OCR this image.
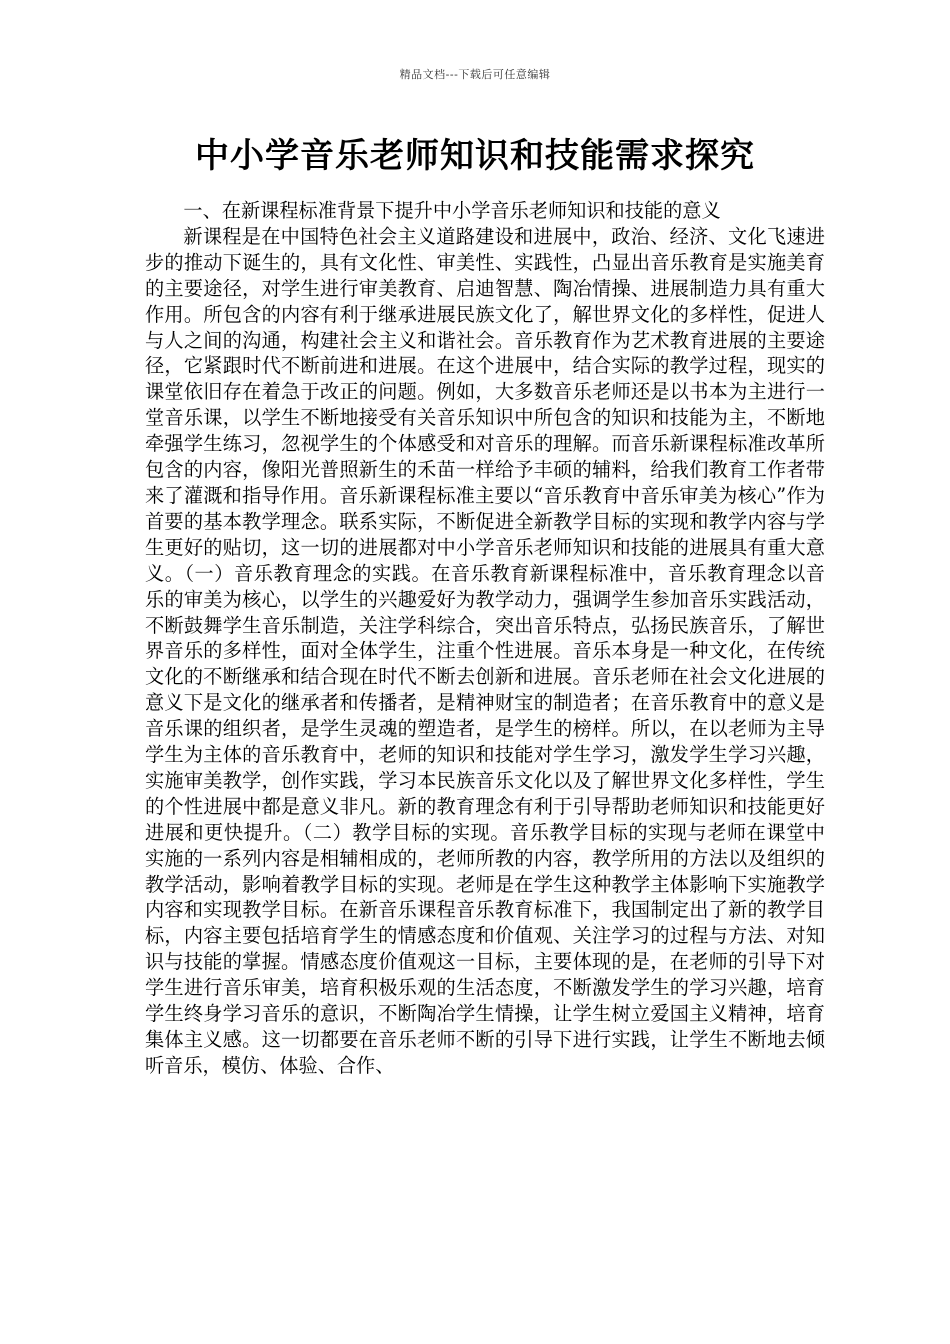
精品文档---下载后可任意编辑
中小学音乐老师知识和技能需求探究

一、在新课程标准背景下提升中小学音乐老师知识和技能的意义

新课程是在中国特色社会主义道路建设和进展中，政治、经济、文化飞速进步的推动下诞生的，具有文化性、审美性、实践性，凸显出音乐教育是实施美育的主要途径，对学生进行审美教育、启迪智慧、陶冶情操、进展制造力具有重大作用。所包含的内容有利于继承进展民族文化了，解世界文化的多样性，促进人与人之间的沟通，构建社会主义和谐社会。音乐教育作为艺术教育进展的主要途径，它紧跟时代不断前进和进展。在这个进展中，结合实际的教学过程，现实的课堂依旧存在着急于改正的问题。例如，大多数音乐老师还是以书本为主进行一堂音乐课，以学生不断地接受有关音乐知识中所包含的知识和技能为主，不断地牵强学生练习，忽视学生的个体感受和对音乐的理解。而音乐新课程标准改革所包含的内容，像阳光普照新生的禾苗一样给予丰硕的辅料，给我们教育工作者带来了灌溉和指导作用。音乐新课程标准主要以“音乐教育中音乐审美为核心”作为首要的基本教学理念。联系实际，不断促进全新教学目标的实现和教学内容与学生更好的贴切，这一切的进展都对中小学音乐老师知识和技能的进展具有重大意义。（一）音乐教育理念的实践。在音乐教育新课程标准中，音乐教育理念以音乐的审美为核心，以学生的兴趣爱好为教学动力，强调学生参加音乐实践活动，不断鼓舞学生音乐制造，关注学科综合，突出音乐特点，弘扬民族音乐，了解世界音乐的多样性，面对全体学生，注重个性进展。音乐本身是一种文化，在传统文化的不断继承和结合现在时代不断去创新和进展。音乐老师在社会文化进展的意义下是文化的继承者和传播者，是精神财宝的制造者；在音乐教育中的意义是音乐课的组织者，是学生灵魂的塑造者，是学生的榜样。所以，在以老师为主导学生为主体的音乐教育中，老师的知识和技能对学生学习，激发学生学习兴趣，实施审美教学，创作实践，学习本民族音乐文化以及了解世界文化多样性，学生的个性进展中都是意义非凡。新的教育理念有利于引导帮助老师知识和技能更好进展和更快提升。（二）教学目标的实现。音乐教学目标的实现与老师在课堂中实施的一系列内容是相辅相成的，老师所教的内容，教学所用的方法以及组织的教学活动，影响着教学目标的实现。老师是在学生这种教学主体影响下实施教学内容和实现教学目标。在新音乐课程音乐教育标准下，我国制定出了新的教学目标，内容主要包括培育学生的情感态度和价值观、关注学习的过程与方法、对知识与技能的掌握。情感态度价值观这一目标，主要体现的是，在老师的引导下对学生进行音乐审美，培育积极乐观的生活态度，不断激发学生的学习兴趣，培育学生终身学习音乐的意识，不断陶冶学生情操，让学生树立爱国主义精神，培育集体主义感。这一切都要在音乐老师不断的引导下进行实践，让学生不断地去倾听音乐，模仿、体验、合作、
